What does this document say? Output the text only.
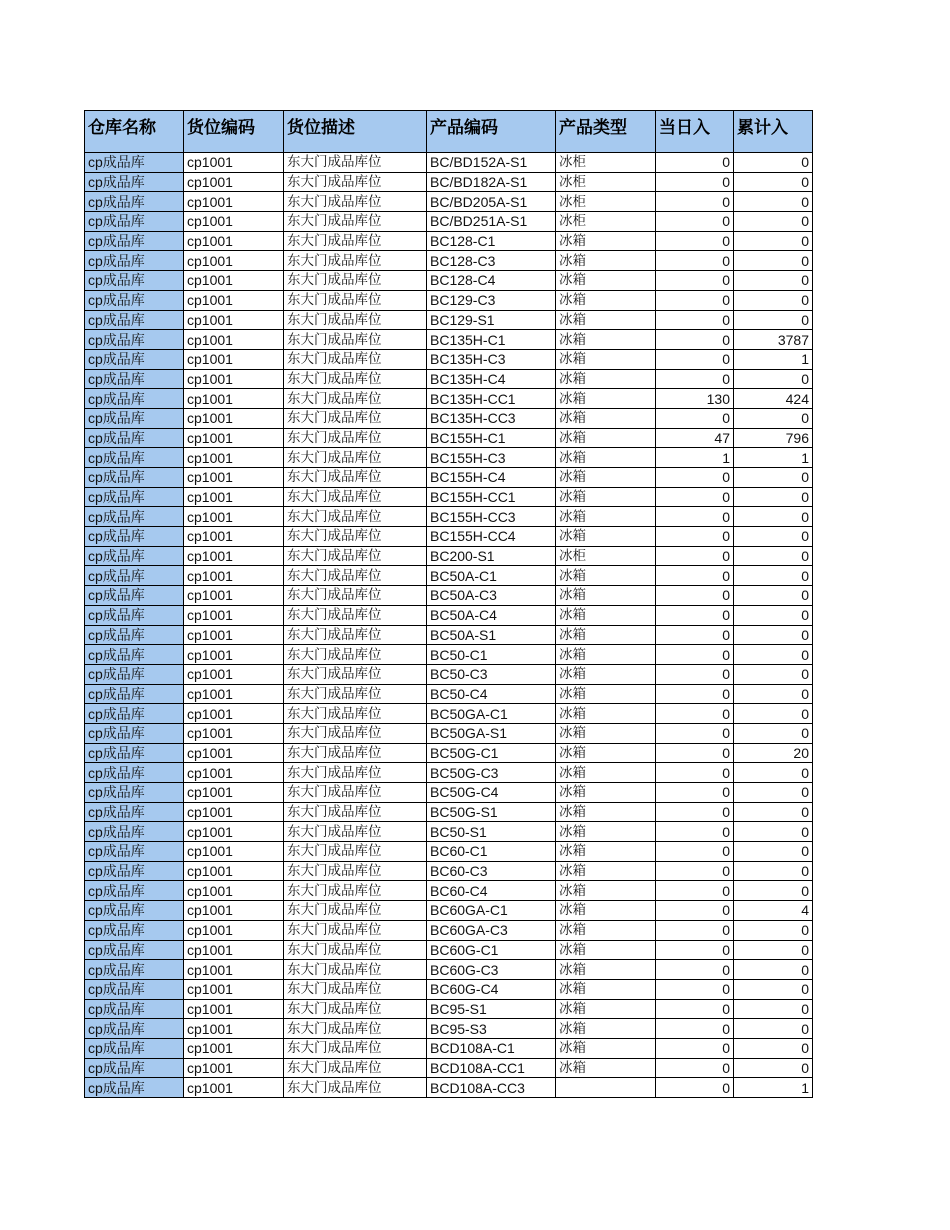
仓库名称	货位编码	货位描述	产品编码	产品类型	当日入	累计入
cp成品库	cp1001	东大门成品库位	BC/BD152A-S1	冰柜	0	0
cp成品库	cp1001	东大门成品库位	BC/BD182A-S1	冰柜	0	0
cp成品库	cp1001	东大门成品库位	BC/BD205A-S1	冰柜	0	0
cp成品库	cp1001	东大门成品库位	BC/BD251A-S1	冰柜	0	0
cp成品库	cp1001	东大门成品库位	BC128-C1	冰箱	0	0
cp成品库	cp1001	东大门成品库位	BC128-C3	冰箱	0	0
cp成品库	cp1001	东大门成品库位	BC128-C4	冰箱	0	0
cp成品库	cp1001	东大门成品库位	BC129-C3	冰箱	0	0
cp成品库	cp1001	东大门成品库位	BC129-S1	冰箱	0	0
cp成品库	cp1001	东大门成品库位	BC135H-C1	冰箱	0	3787
cp成品库	cp1001	东大门成品库位	BC135H-C3	冰箱	0	1
cp成品库	cp1001	东大门成品库位	BC135H-C4	冰箱	0	0
cp成品库	cp1001	东大门成品库位	BC135H-CC1	冰箱	130	424
cp成品库	cp1001	东大门成品库位	BC135H-CC3	冰箱	0	0
cp成品库	cp1001	东大门成品库位	BC155H-C1	冰箱	47	796
cp成品库	cp1001	东大门成品库位	BC155H-C3	冰箱	1	1
cp成品库	cp1001	东大门成品库位	BC155H-C4	冰箱	0	0
cp成品库	cp1001	东大门成品库位	BC155H-CC1	冰箱	0	0
cp成品库	cp1001	东大门成品库位	BC155H-CC3	冰箱	0	0
cp成品库	cp1001	东大门成品库位	BC155H-CC4	冰箱	0	0
cp成品库	cp1001	东大门成品库位	BC200-S1	冰柜	0	0
cp成品库	cp1001	东大门成品库位	BC50A-C1	冰箱	0	0
cp成品库	cp1001	东大门成品库位	BC50A-C3	冰箱	0	0
cp成品库	cp1001	东大门成品库位	BC50A-C4	冰箱	0	0
cp成品库	cp1001	东大门成品库位	BC50A-S1	冰箱	0	0
cp成品库	cp1001	东大门成品库位	BC50-C1	冰箱	0	0
cp成品库	cp1001	东大门成品库位	BC50-C3	冰箱	0	0
cp成品库	cp1001	东大门成品库位	BC50-C4	冰箱	0	0
cp成品库	cp1001	东大门成品库位	BC50GA-C1	冰箱	0	0
cp成品库	cp1001	东大门成品库位	BC50GA-S1	冰箱	0	0
cp成品库	cp1001	东大门成品库位	BC50G-C1	冰箱	0	20
cp成品库	cp1001	东大门成品库位	BC50G-C3	冰箱	0	0
cp成品库	cp1001	东大门成品库位	BC50G-C4	冰箱	0	0
cp成品库	cp1001	东大门成品库位	BC50G-S1	冰箱	0	0
cp成品库	cp1001	东大门成品库位	BC50-S1	冰箱	0	0
cp成品库	cp1001	东大门成品库位	BC60-C1	冰箱	0	0
cp成品库	cp1001	东大门成品库位	BC60-C3	冰箱	0	0
cp成品库	cp1001	东大门成品库位	BC60-C4	冰箱	0	0
cp成品库	cp1001	东大门成品库位	BC60GA-C1	冰箱	0	4
cp成品库	cp1001	东大门成品库位	BC60GA-C3	冰箱	0	0
cp成品库	cp1001	东大门成品库位	BC60G-C1	冰箱	0	0
cp成品库	cp1001	东大门成品库位	BC60G-C3	冰箱	0	0
cp成品库	cp1001	东大门成品库位	BC60G-C4	冰箱	0	0
cp成品库	cp1001	东大门成品库位	BC95-S1	冰箱	0	0
cp成品库	cp1001	东大门成品库位	BC95-S3	冰箱	0	0
cp成品库	cp1001	东大门成品库位	BCD108A-C1	冰箱	0	0
cp成品库	cp1001	东大门成品库位	BCD108A-CC1	冰箱	0	0
cp成品库	cp1001	东大门成品库位	BCD108A-CC3		0	1
